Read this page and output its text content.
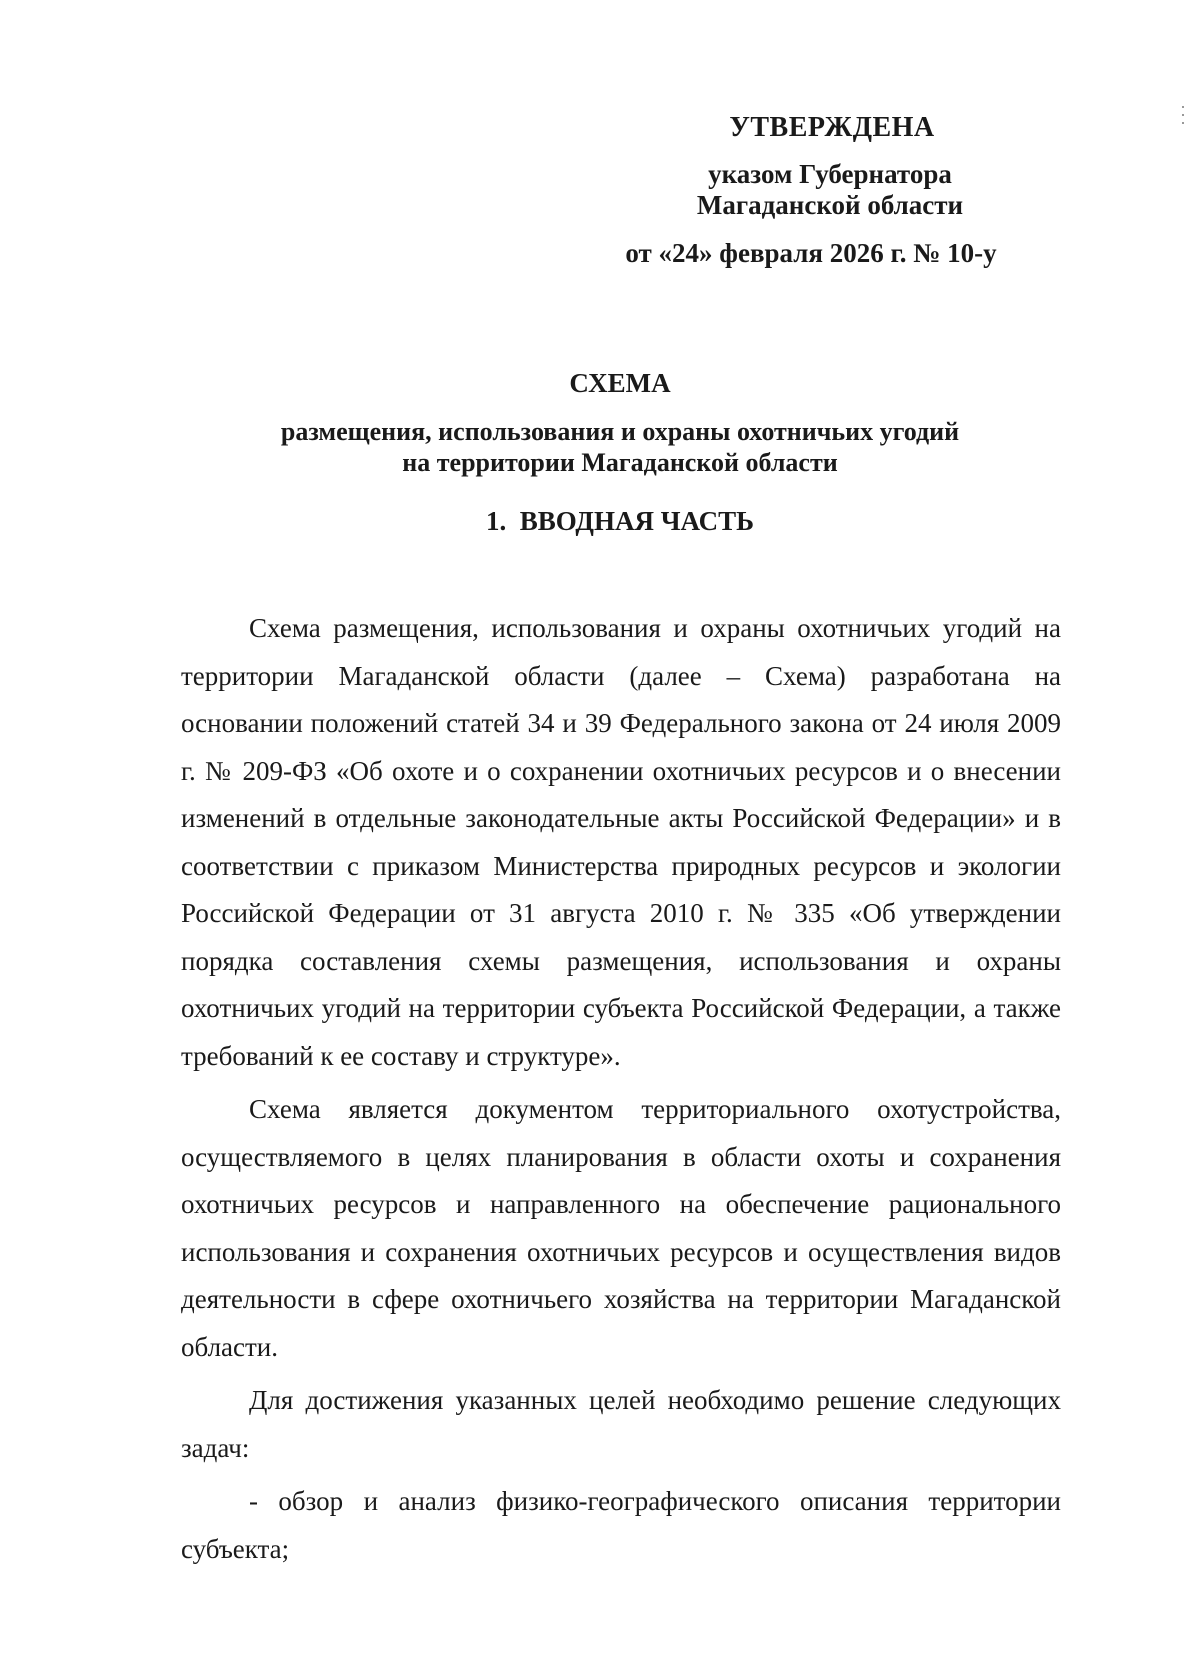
УТВЕРЖДЕНА
указом Губернатора
Магаданской области
от «24» февраля 2026 г. № 10-у
СХЕМА
размещения, использования и охраны охотничьих угодий
на территории Магаданской области
1.  ВВОДНАЯ ЧАСТЬ

Схема размещения, использования и охраны охотничьих угодий на территории Магаданской области (далее – Схема) разработана на основании положений статей 34 и 39 Федерального закона от 24 июля 2009 г. № 209-ФЗ «Об охоте и о сохранении охотничьих ресурсов и о внесении изменений в отдельные законодательные акты Российской Федерации» и в соответствии с приказом Министерства природных ресурсов и экологии Российской Федерации от 31 августа 2010 г. № 335 «Об утверждении порядка составления схемы размещения, использования и охраны охотничьих угодий на территории субъекта Российской Федерации, а также требований к ее составу и структуре».

Схема является документом территориального охотустройства, осуществляемого в целях планирования в области охоты и сохранения охотничьих ресурсов и направленного на обеспечение рационального использования и сохранения охотничьих ресурсов и осуществления видов деятельности в сфере охотничьего хозяйства на территории Магаданской области.

Для достижения указанных целей необходимо решение следующих задач:

- обзор и анализ физико-географического описания территории субъекта;
